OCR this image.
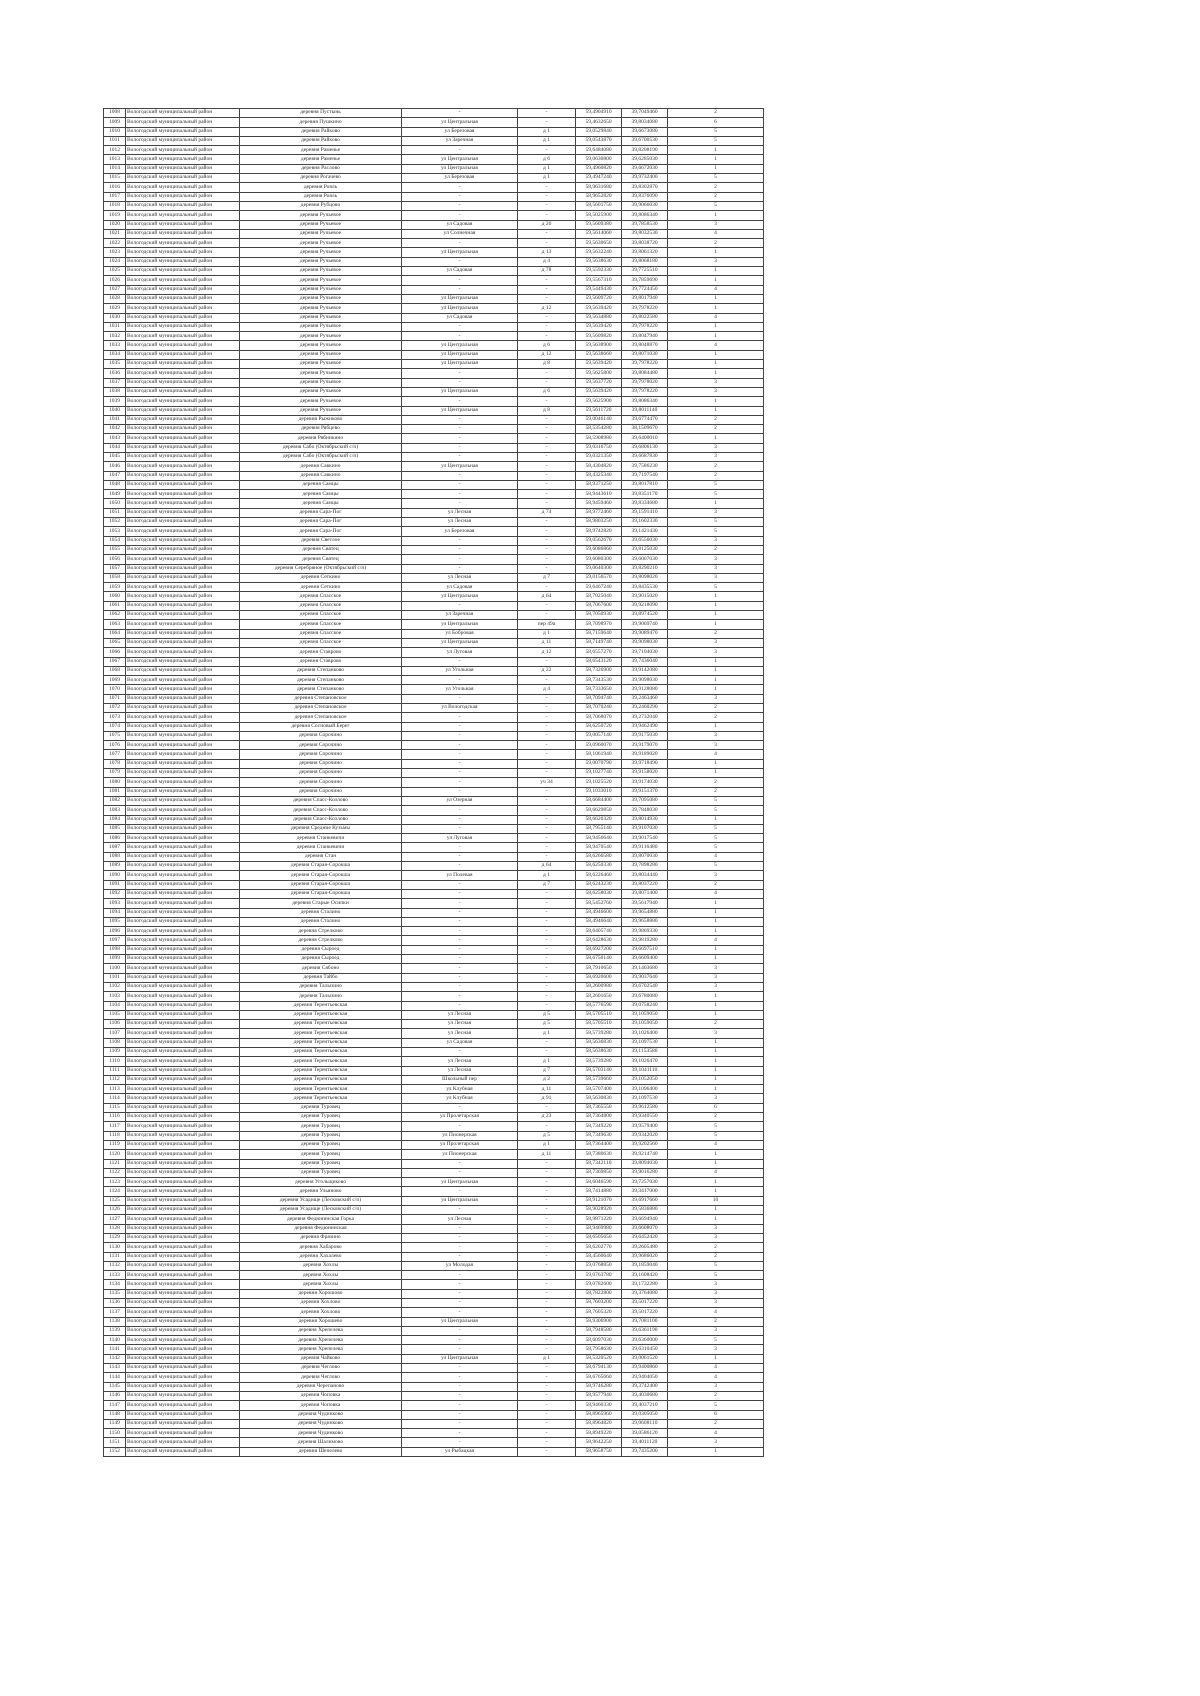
1008	Вологодский муниципальный район	деревня Пустынь	-	-	59,4904910	39,7049460	2
1009	Вологодский муниципальный район	деревня Пушкино	ул Центральная	-	59,4632650	39,8034080	6
1010	Вологодский муниципальный район	деревня Райково	ул Березовая	д 1	59,0529840	39,6673080	5
1011	Вологодский муниципальный район	деревня Райково	ул Заречная	д 1	59,0543870	39,6700530	5
1012	Вологодский муниципальный район	деревня Раменье	-	-	59,6484080	39,8208190	1
1013	Вологодский муниципальный район	деревня Раменье	ул Центральная	д 6	59,0630800	39,6285030	1
1014	Вологодский муниципальный район	деревня Раслово	ул Центральная	д 1	59,4960820	39,6672030	1
1015	Вологодский муниципальный район	деревня Рогачево	ул Березовая	д 1	59,4947240	39,9732400	5
1016	Вологодский муниципальный район	деревня Рояль	-	-	58,9631680	39,8302870	2
1017	Вологодский муниципальный район	деревня Рояль	-	-	58,9652820	39,8376090	2
1018	Вологодский муниципальный район	деревня Рубцово	-	-	58,5601750	39,9066030	5
1019	Вологодский муниципальный район	деревня Ручьевое	-	-	58,5025900	39,8086340	1
1020	Вологодский муниципальный район	деревня Ручьевое	ул Садовая	д 20	59,5609380	39,7858530	3
1021	Вологодский муниципальный район	деревня Ручьевое	ул Солнечная	-	59,5614060	39,8032530	4
1022	Вологодский муниципальный район	деревня Ручьевое	-	-	59,5630650	39,8038720	2
1023	Вологодский муниципальный район	деревня Ручьевое	ул Центральная	д 13	59,5632240	39,8061320	1
1024	Вологодский муниципальный район	деревня Ручьевое	-	д 4	59,5638630	39,8068180	3
1025	Вологодский муниципальный район	деревня Ручьевое	ул Садовая	д 78	59,5592330	39,7725510	1
1026	Вологодский муниципальный район	деревня Ручьевое	-	-	59,5567310	39,7859690	1
1027	Вологодский муниципальный район	деревня Ручьевое	-	-	59,5449430	39,7724450	4
1028	Вологодский муниципальный район	деревня Ручьевое	ул Центральная	-	59,5609720	39,8017940	1
1029	Вологодский муниципальный район	деревня Ручьевое	ул Центральная	д 12	59,5639420	39,7978220	1
1030	Вологодский муниципальный район	деревня Ручьевое	ул Садовая	-	59,5634880	39,8022580	4
1031	Вологодский муниципальный район	деревня Ручьевое	-	-	59,5639420	39,7978220	1
1032	Вологодский муниципальный район	деревня Ручьевое	-	-	59,5609820	39,8047940	1
1033	Вологодский муниципальный район	деревня Ручьевое	ул Центральная	д 6	59,5638900	39,8048870	4
1034	Вологодский муниципальный район	деревня Ручьевое	ул Центральная	д 12	59,5638660	39,8071030	1
1035	Вологодский муниципальный район	деревня Ручьевое	ул Центральная	д 8	59,5639420	39,7978220	1
1036	Вологодский муниципальный район	деревня Ручьевое	-	-	59,5625800	39,8084480	1
1037	Вологодский муниципальный район	деревня Ручьевое	-	-	59,5637720	39,7978020	3
1038	Вологодский муниципальный район	деревня Ручьевое	ул Центральная	д 6	59,5639420	39,7978220	3
1039	Вологодский муниципальный район	деревня Ручьевое	-	-	59,5625900	39,8086340	1
1040	Вологодский муниципальный район	деревня Ручьевое	ул Центральная	д 8	59,5611720	39,8011140	1
1041	Вологодский муниципальный район	деревня Рыжиково	-	-	59,0046140	39,6774470	2
1042	Вологодский муниципальный район	деревня Рябцево	-	-	58,5354280	38,1509670	2
1043	Вологодский муниципальный район	деревня Рябинкино	-	-	58,5908980	39,6400010	1
1044	Вологодский муниципальный район	деревня Сабо (Октябрьский с/п)	-	-	59,0316750	39,6806130	3
1045	Вологодский муниципальный район	деревня Сабо (Октябрьский с/п)	-	-	59,0321350	39,6687830	3
1046	Вологодский муниципальный район	деревня Савкино	ул Центральная	-	58,4304820	39,7586230	2
1047	Вологодский муниципальный район	деревня Савкино	-	-	58,4325340	39,7197540	2
1048	Вологодский муниципальный район	деревня Самцы	-	-	58,9371250	39,8017810	5
1049	Вологодский муниципальный район	деревня Самцы	-	-	58,9443610	39,8351170	5
1050	Вологодский муниципальный район	деревня Самцы	-	-	58,9459460	39,8334680	1
1051	Вологодский муниципальный район	деревня Сара-Пог	ул Лесная	д 74	58,9772460	39,1591410	3
1052	Вологодский муниципальный район	деревня Сара-Пог	ул Лесная	-	58,9803250	39,1602330	5
1053	Вологодский муниципальный район	деревня Сара-Пог	ул Березовая	-	58,9742820	39,1421430	5
1054	Вологодский муниципальный район	деревня Светлое	-	-	59,0562670	39,6556030	3
1055	Вологодский муниципальный район	деревня Святец	-	-	59,6086860	39,8125030	2
1056	Вологодский муниципальный район	деревня Святец	-	-	59,6080300	39,6007030	3
1057	Вологодский муниципальный район	деревня Серебряное (Октябрьский с/п)	-	-	59,0640300	39,8290210	3
1058	Вологодский муниципальный район	деревня Сеткино	ул Лесная	д 7	59,0156570	39,8098020	3
1059	Вологодский муниципальный район	деревня Сеткино	ул Садовая	-	59,6467240	39,8435530	5
1060	Вологодский муниципальный район	деревня Спасское	ул Центральная	д 64	58,7025040	39,9015020	1
1061	Вологодский муниципальный район	деревня Спасское	-	-	58,7067600	39,9218090	1
1062	Вологодский муниципальный район	деревня Спасское	ул Заречная	-	58,7050930	39,8974520	1
1063	Вологодский муниципальный район	деревня Спасское	ул Центральная	пер 49а	58,7098970	39,9069740	1
1064	Вологодский муниципальный район	деревня Спасское	ул Бобровая	д 1	58,7159640	39,9089470	2
1065	Вологодский муниципальный район	деревня Спасское	ул Центральная	д 11	58,7149740	39,9098030	3
1066	Вологодский муниципальный район	деревня Ставрово	ул Луговая	д 12	58,6557270	39,7104030	3
1067	Вологодский муниципальный район	деревня Ставрово	-	-	58,6543120	39,7436040	1
1068	Вологодский муниципальный район	деревня Степанково	ул Угольная	д 22	58,7326900	39,9142080	1
1069	Вологодский муниципальный район	деревня Степанково	-	-	58,7343530	39,9098030	1
1070	Вологодский муниципальный район	деревня Степанково	ул Угольная	д 4	58,7333650	39,9128080	1
1071	Вологодский муниципальный район	деревня Степановское	-	-	58,7094740	39,2463460	3
1072	Вологодский муниципальный район	деревня Степановское	ул Вологодская	-	58,7070240	39,2460290	2
1073	Вологодский муниципальный район	деревня Степановское	-	-	58,7068070	39,2732040	2
1074	Вологодский муниципальный район	деревня Сосновый Берег	-	-	58,6250720	39,9462490	1
1075	Вологодский муниципальный район	деревня Сорочино	-	-	59,0057140	39,9175030	3
1076	Вологодский муниципальный район	деревня Сорочино	-	-	59,0960070	39,9179070	3
1077	Вологодский муниципальный район	деревня Сорочино	-	-	58,1061940	39,9189020	4
1078	Вологодский муниципальный район	деревня Сорочино	-	-	59,0070790	39,9718490	1
1079	Вологодский муниципальный район	деревня Сорочино	-	-	59,1027740	39,9158020	1
1080	Вологодский муниципальный район	деревня Сорочино	-	уч 34	59,1025520	39,9174030	2
1081	Вологодский муниципальный район	деревня Сорочино	-	-	59,1033010	39,9151370	2
1082	Вологодский муниципальный район	деревня Спасс-Козлово	ул Озерная	-	58,6684400	39,7095080	5
1083	Вологодский муниципальный район	деревня Спасс-Козлово	-	-	58,6629850	39,7848030	5
1084	Вологодский муниципальный район	деревня Спасс-Козлово	-	-	58,6620320	39,8014930	1
1085	Вологодский муниципальный район	деревня Средние Кузьмы	-	-	58,7955140	39,9107030	5
1086	Вологодский муниципальный район	деревня Станкевичи	ул Луговая	-	58,9456640	39,9017540	5
1087	Вологодский муниципальный район	деревня Станкевичи	-	-	58,9470540	39,9116480	5
1088	Вологодский муниципальный район	деревня Стан	-	-	58,6266580	39,8070030	4
1089	Вологодский муниципальный район	деревня Старая-Сорокша	-	д 64	58,6250330	39,7898280	5
1090	Вологодский муниципальный район	деревня Старая-Сорокша	ул Полевая	д 1	58,6226460	39,8034440	3
1091	Вологодский муниципальный район	деревня Старая-Сорокша	-	д 7	58,6243230	39,8037220	2
1092	Вологодский муниципальный район	деревня Старая-Сорокша	-	-	58,6258030	39,8071400	4
1093	Вологодский муниципальный район	деревня Старые Осипки	-	-	58,5452760	39,5617940	1
1094	Вологодский муниципальный район	деревня Сталино	-	-	58,4946600	39,9654880	1
1095	Вологодский муниципальный район	деревня Сталино	-	-	58,4946640	39,9658880	1
1096	Вологодский муниципальный район	деревня Стрелково	-	-	58,6405740	39,9869330	1
1097	Вологодский муниципальный район	деревня Стрелково	-	-	58,6428630	39,9819280	4
1098	Вологодский муниципальный район	деревня Сыроед	-	-	58,6927200	39,6697510	1
1099	Вологодский муниципальный район	деревня Сыроед	-	-	58,6750140	39,6609400	1
1100	Вологодский муниципальный район	деревня Сябоно	-	-	58,7910650	39,1403680	3
1101	Вологодский муниципальный район	деревня Тайбо	-	-	58,6920600	39,9037640	3
1102	Вологодский муниципальный район	деревня Талызино	-	-	58,2600980	39,6702540	3
1103	Вологодский муниципальный район	деревня Талызино	-	-	58,2601650	39,6780080	1
1104	Вологодский муниципальный район	деревня Терентьевская	-	-	58,5776590	39,0758240	1
1105	Вологодский муниципальный район	деревня Терентьевская	ул Лесная	д 5	58,5705510	39,1059050	1
1106	Вологодский муниципальный район	деревня Терентьевская	ул Лесная	д 5	58,5705510	39,1059050	2
1107	Вологодский муниципальный район	деревня Терентьевская	ул Лесная	д 1	58,5739280	39,1026400	3
1108	Вологодский муниципальный район	деревня Терентьевская	ул Садовая	-	58,5636830	39,1097530	1
1109	Вологодский муниципальный район	деревня Терентьевская	-	-	58,5638630	39,1153580	1
1110	Вологодский муниципальный район	деревня Терентьевская	ул Лесная	д 1	58,5739280	39,1026470	1
1111	Вологодский муниципальный район	деревня Терентьевская	ул Лесная	д 7	58,5703140	39,1041110	1
1112	Вологодский муниципальный район	деревня Терентьевская	Школьный пер	д 2	58,5739660	39,1052050	1
1113	Вологодский муниципальный район	деревня Терентьевская	ул Клубная	д 11	58,5707400	39,1096400	1
1114	Вологодский муниципальный район	деревня Терентьевская	ул Клубная	д 91	58,5630830	39,1097530	3
1115	Вологодский муниципальный район	деревня Туровец	-	-	58,7365550	39,9612580	6
1116	Вологодский муниципальный район	деревня Туровец	ул Пролетарская	д 23	58,7364800	39,9340550	2
1117	Вологодский муниципальный район	деревня Туровец	-	-	58,7349220	39,9579400	5
1118	Вологодский муниципальный район	деревня Туровец	ул Пионерская	д 5	58,7349630	39,9342020	5
1119	Вологодский муниципальный район	деревня Туровец	ул Пролетарская	д 1	58,7364400	39,9202560	4
1120	Вологодский муниципальный район	деревня Туровец	ул Пионерская	д 11	58,7380630	39,9214740	1
1121	Вологодский муниципальный район	деревня Туровец	-	-	58,7342110	39,8094030	1
1122	Вологодский муниципальный район	деревня Туровец	-	-	58,7369850	39,9016280	4
1123	Вологодский муниципальный район	деревня Угольщиково	ул Центральная	-	58,6046590	39,7257030	1
1124	Вологодский муниципальный район	деревня Ульяново	-	-	58,7414880	39,3417000	1
1125	Вологодский муниципальный район	деревня Усадище (Лесковский с/п)	ул Центральная	-	58,9121070	39,6917660	10
1126	Вологодский муниципальный район	деревня Усадище (Лесковский с/п)	-	-	58,9028920	39,5836880	1
1127	Вологодский муниципальный район	деревня Федюнинская Горка	ул Лесная	-	58,9871220	39,6694940	1
1128	Вологодский муниципальный район	деревня Федюнинская	-	-	58,9469980	39,6608070	3
1129	Вологодский муниципальный район	деревня Фрязино	-	-	58,6505650	39,6452420	3
1130	Вологодский муниципальный район	деревня Хабарово	-	-	58,6202770	39,2605480	2
1131	Вологодский муниципальный район	деревня Хахалево	-	-	58,4560640	39,9686020	2
1132	Вологодский муниципальный район	деревня Хохлы	ул Молодая	-	59,0768850	39,1859040	5
1133	Вологодский муниципальный район	деревня Хохлы	-	-	59,0763780	39,1608420	5
1134	Вологодский муниципальный район	деревня Хохлы	-	-	59,0782600	39,1732280	3
1135	Вологодский муниципальный район	деревня Хорошово	-	-	58,7822800	39,3764080	3
1136	Вологодский муниципальный район	деревня Хохлово	-	-	58,7603200	39,5017220	3
1137	Вологодский муниципальный район	деревня Хохлово	-	-	58,7605320	39,5017220	4
1138	Вологодский муниципальный район	деревня Хорошево	ул Центральная	-	58,9306900	39,7081100	2
1139	Вологодский муниципальный район	деревня Хрепелева	-	-	58,7948580	39,6361190	3
1140	Вологодский муниципальный район	деревня Хрепелева	-	-	58,6097030	39,6360000	5
1141	Вологодский муниципальный район	деревня Хрепелева	-	-	58,7958630	39,6310450	3
1142	Вологодский муниципальный район	деревня Чайково	ул Центральная	д 1	58,5320520	39,0061520	1
1143	Вологодский муниципальный район	деревня Чеглово	-	-	58,6794130	39,9400860	4
1144	Вологодский муниципальный район	деревня Чеглово	-	-	58,6765660	39,9404050	4
1145	Вологодский муниципальный район	деревня Черепаново	-	-	58,9746280	39,3742400	3
1146	Вологодский муниципальный район	деревня Чоповка	-	-	58,9577940	39,4030680	2
1147	Вологодский муниципальный район	деревня Чоповка	-	-	58,9460330	39,4037210	5
1148	Вологодский муниципальный район	деревня Чудинково	-	-	58,8965960	39,0305050	6
1149	Вологодский муниципальный район	деревня Чудинково	-	-	58,8964820	39,0608110	2
1150	Вологодский муниципальный район	деревня Чудинково	-	-	58,8949220	39,0586120	4
1151	Вологодский муниципальный район	деревня Шалимово	-	-	58,9642250	39,4011120	3
1152	Вологодский муниципальный район	деревня Шепелево	ул Рыбацкая	-	58,9658750	39,7435200	1
